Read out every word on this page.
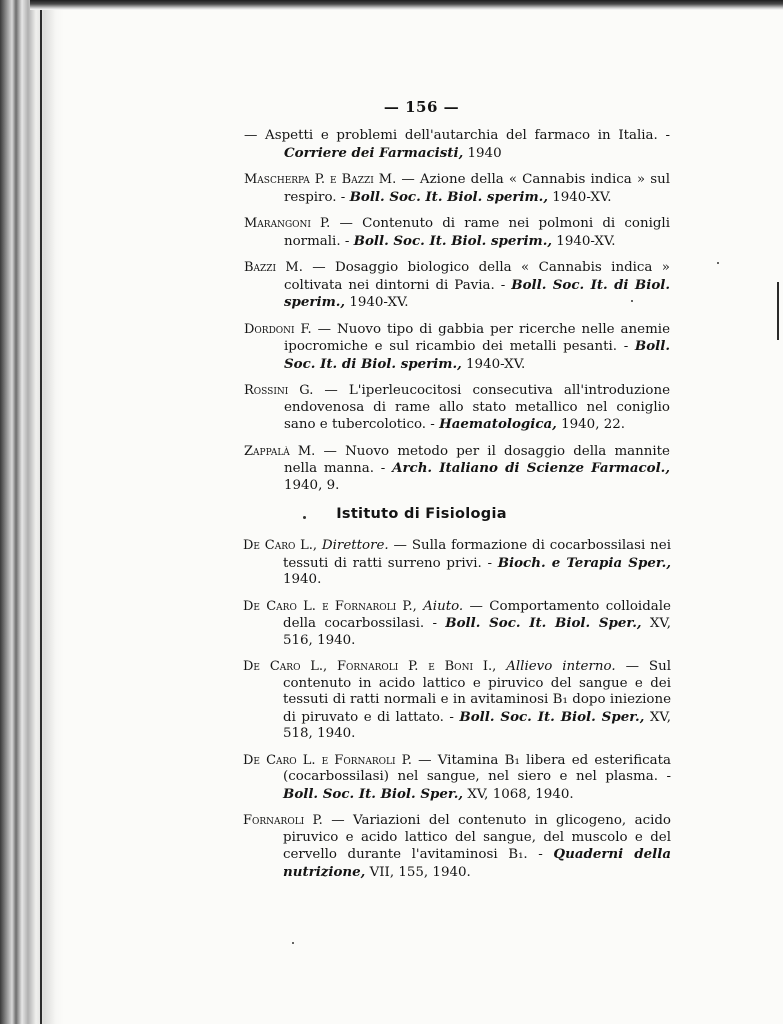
— 156 —

— Aspetti e problemi dell'autarchia del farmaco in Italia. - Corriere dei Farmacisti, 1940

Mascherpa P. e Bazzi M. — Azione della « Cannabis indica » sul respiro. - Boll. Soc. It. Biol. sperim., 1940-XV.

Marangoni P. — Contenuto di rame nei polmoni di conigli normali. - Boll. Soc. It. Biol. sperim., 1940-XV.

Bazzi M. — Dosaggio biologico della « Cannabis indica » coltivata nei dintorni di Pavia. - Boll. Soc. It. di Biol. sperim., 1940-XV.

Dordoni F. — Nuovo tipo di gabbia per ricerche nelle anemie ipocromiche e sul ricambio dei metalli pesanti. - Boll. Soc. It. di Biol. sperim., 1940-XV.

Rossini G. — L'iperleucocitosi consecutiva all'introduzione endovenosa di rame allo stato metallico nel coniglio sano e tubercolotico. - Haematologica, 1940, 22.

Zappalà M. — Nuovo metodo per il dosaggio della mannite nella manna. - Arch. Italiano di Scienze Farmacol., 1940, 9.

Istituto di Fisiologia

De Caro L., Direttore. — Sulla formazione di cocarbossilasi nei tessuti di ratti surreno privi. - Bioch. e Terapia Sper., 1940.

De Caro L. e Fornaroli P., Aiuto. — Comportamento colloidale della cocarbossilasi. - Boll. Soc. It. Biol. Sper., XV, 516, 1940.

De Caro L., Fornaroli P. e Boni I., Allievo interno. — Sul contenuto in acido lattico e piruvico del sangue e dei tessuti di ratti normali e in avitaminosi B₁ dopo iniezione di piruvato e di lattato. - Boll. Soc. It. Biol. Sper., XV, 518, 1940.

De Caro L. e Fornaroli P. — Vitamina B₁ libera ed esterificata (cocarbossilasi) nel sangue, nel siero e nel plasma. - Boll. Soc. It. Biol. Sper., XV, 1068, 1940.

Fornaroli P. — Variazioni del contenuto in glicogeno, acido piruvico e acido lattico del sangue, del muscolo e del cervello durante l'avitaminosi B₁. - Quaderni della nutrizione, VII, 155, 1940.
